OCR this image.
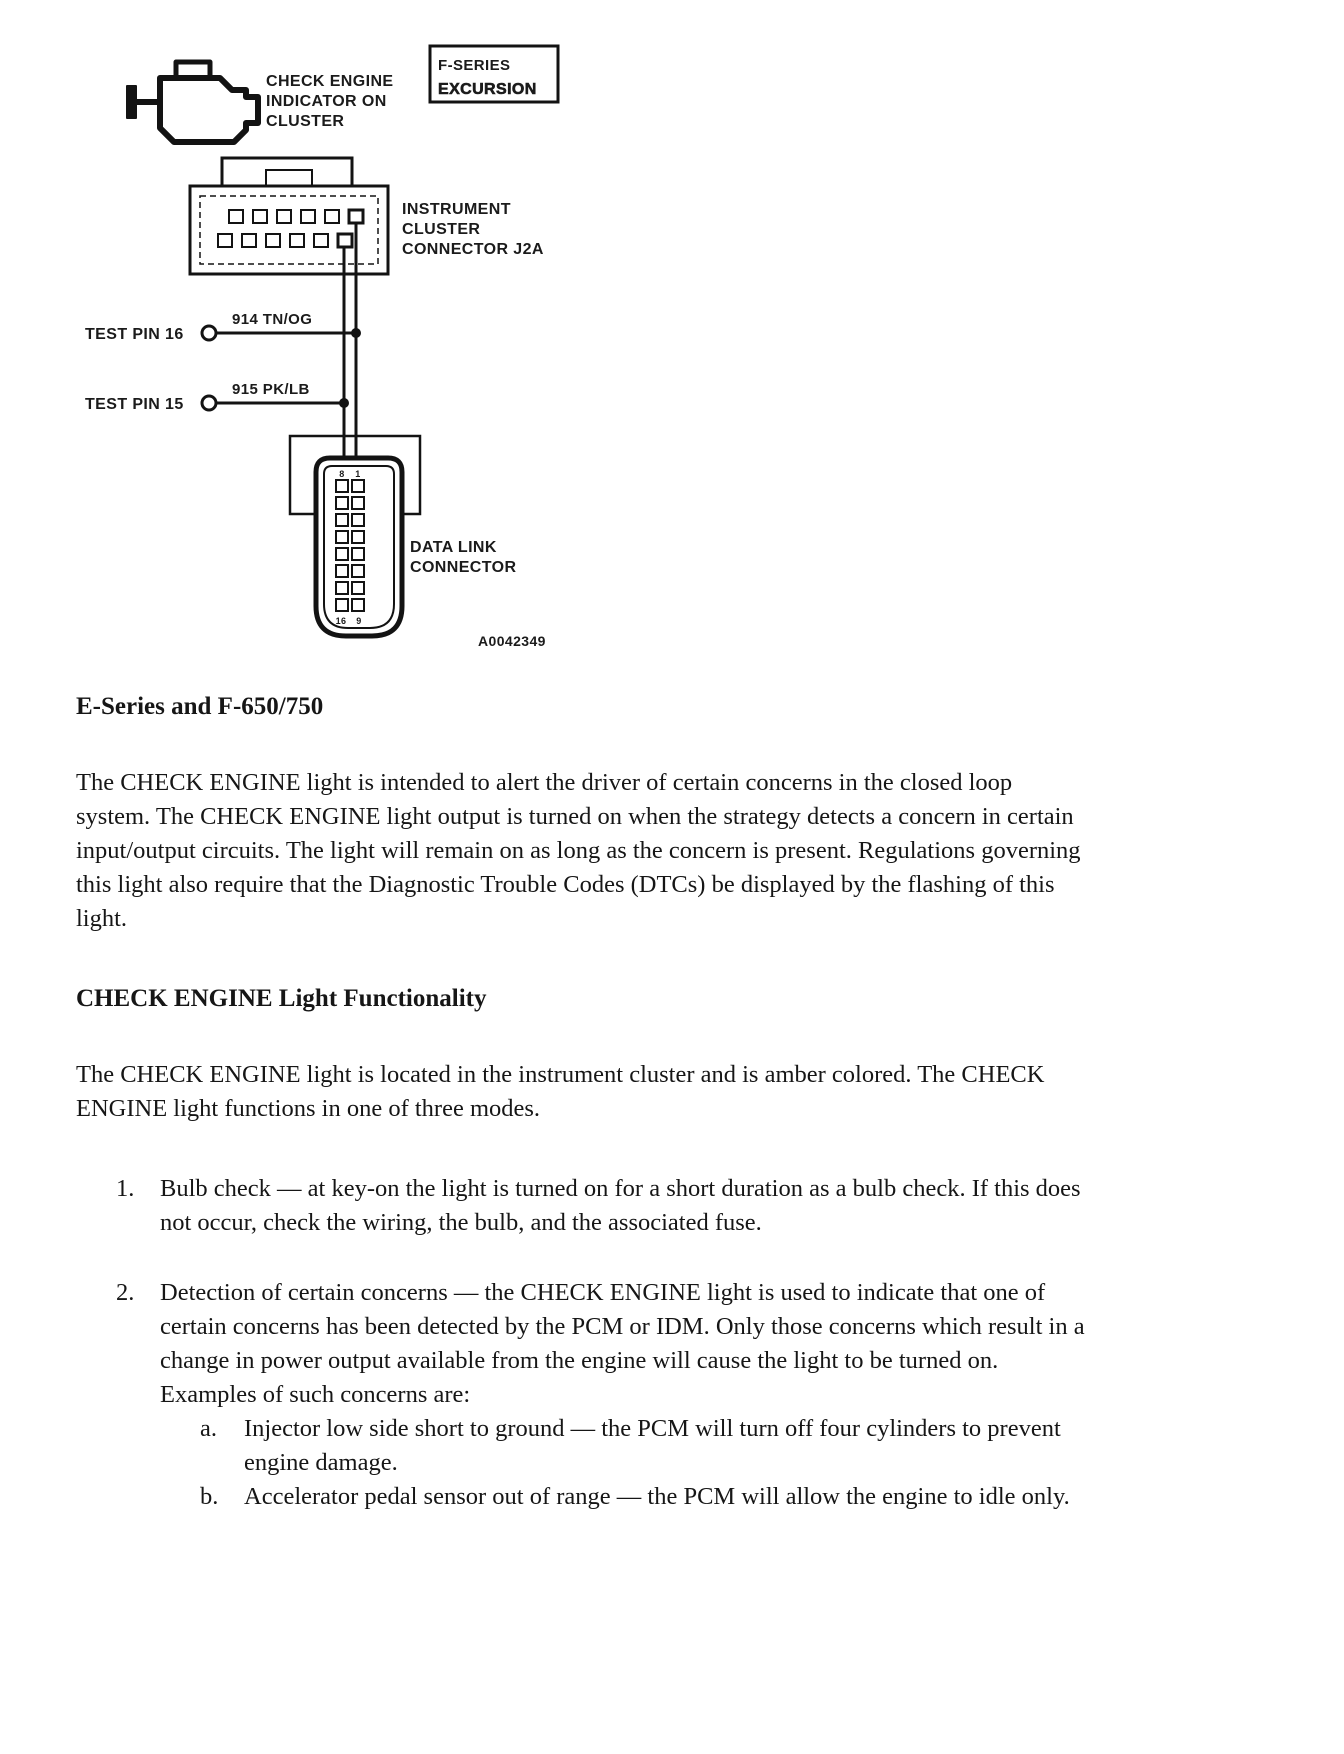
CHECK ENGINE
INDICATOR ON
CLUSTER
F-SERIES
EXCURSION
INSTRUMENT
CLUSTER
CONNECTOR J2A
TEST PIN 16
914 TN/OG
TEST PIN 15
915 PK/LB
8 1
16 9
DATA LINK
CONNECTOR
A0042349
E-Series and F-650/750

The CHECK ENGINE light is intended to alert the driver of certain concerns in the closed loop system. The CHECK ENGINE light output is turned on when the strategy detects a concern in certain input/output circuits. The light will remain on as long as the concern is present. Regulations governing this light also require that the Diagnostic Trouble Codes (DTCs) be displayed by the flashing of this light.

CHECK ENGINE Light Functionality

The CHECK ENGINE light is located in the instrument cluster and is amber colored. The CHECK ENGINE light functions in one of three modes.

1.	Bulb check — at key-on the light is turned on for a short duration as a bulb check. If this does not occur, check the wiring, the bulb, and the associated fuse.
2.	Detection of certain concerns — the CHECK ENGINE light is used to indicate that one of certain concerns has been detected by the PCM or IDM. Only those concerns which result in a change in power output available from the engine will cause the light to be turned on. Examples of such concerns are:
a.	Injector low side short to ground — the PCM will turn off four cylinders to prevent engine damage.
b.	Accelerator pedal sensor out of range — the PCM will allow the engine to idle only.
